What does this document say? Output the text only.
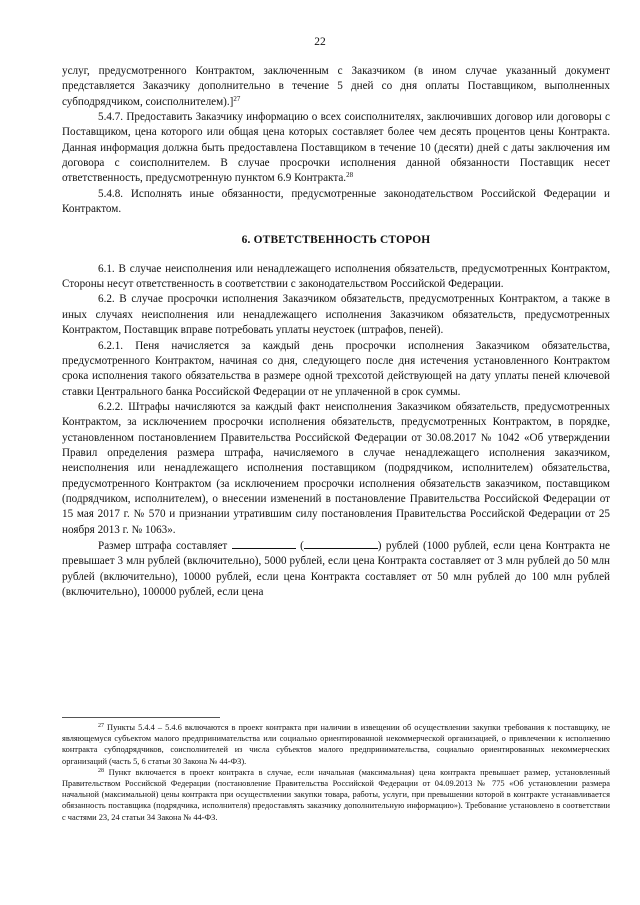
22

услуг, предусмотренного Контрактом, заключенным с Заказчиком (в ином случае указанный документ представляется Заказчику дополнительно в течение 5 дней со дня оплаты Поставщиком, выполненных субподрядчиком, соисполнителем).]$^{27}$

5.4.7. Предоставить Заказчику информацию о всех соисполнителях, заключивших договор или договоры с Поставщиком, цена которого или общая цена которых составляет более чем десять процентов цены Контракта. Данная информация должна быть предоставлена Поставщиком в течение 10 (десяти) дней с даты заключения им договора с соисполнителем. В случае просрочки исполнения данной обязанности Поставщик несет ответственность, предусмотренную пунктом 6.9 Контракта.$^{28}$

5.4.8. Исполнять иные обязанности, предусмотренные законодательством Российской Федерации и Контрактом.

6. ОТВЕТСТВЕННОСТЬ СТОРОН

6.1. В случае неисполнения или ненадлежащего исполнения обязательств, предусмотренных Контрактом, Стороны несут ответственность в соответствии с законодательством Российской Федерации.

6.2. В случае просрочки исполнения Заказчиком обязательств, предусмотренных Контрактом, а также в иных случаях неисполнения или ненадлежащего исполнения Заказчиком обязательств, предусмотренных Контрактом, Поставщик вправе потребовать уплаты неустоек (штрафов, пеней).

6.2.1. Пеня начисляется за каждый день просрочки исполнения Заказчиком обязательства, предусмотренного Контрактом, начиная со дня, следующего после дня истечения установленного Контрактом срока исполнения такого обязательства в размере одной трехсотой действующей на дату уплаты пеней ключевой ставки Центрального банка Российской Федерации от не уплаченной в срок суммы.

6.2.2. Штрафы начисляются за каждый факт неисполнения Заказчиком обязательств, предусмотренных Контрактом, за исключением просрочки исполнения обязательств, предусмотренных Контрактом, в порядке, установленном постановлением Правительства Российской Федерации от 30.08.2017 № 1042 «Об утверждении Правил определения размера штрафа, начисляемого в случае ненадлежащего исполнения заказчиком, неисполнения или ненадлежащего исполнения поставщиком (подрядчиком, исполнителем) обязательства, предусмотренного Контрактом (за исключением просрочки исполнения обязательств заказчиком, поставщиком (подрядчиком, исполнителем), о внесении изменений в постановление Правительства Российской Федерации от 15 мая 2017 г. № 570 и признании утратившим силу постановления Правительства Российской Федерации от 25 ноября 2013 г. № 1063».

Размер штрафа составляет	(	) рублей (1000 рублей, если цена Контракта не превышает 3 млн рублей (включительно), 5000 рублей, если цена Контракта составляет от 3 млн рублей до 50 млн рублей (включительно), 10000 рублей, если цена Контракта составляет от 50 млн рублей до 100 млн рублей (включительно), 100000 рублей, если цена

$^{27}$ Пункты 5.4.4 – 5.4.6 включаются в проект контракта при наличии в извещении об осуществлении закупки требования к поставщику, не являющемуся субъектом малого предпринимательства или социально ориентированной некоммерческой организацией, о привлечении к исполнению контракта субподрядчиков, соисполнителей из числа субъектов малого предпринимательства, социально ориентированных некоммерческих организаций (часть 5, 6 статьи 30 Закона № 44-ФЗ).

$^{28}$ Пункт включается в проект контракта в случае, если начальная (максимальная) цена контракта превышает размер, установленный Правительством Российской Федерации (постановление Правительства Российской Федерации от 04.09.2013 № 775 «Об установлении размера начальной (максимальной) цены контракта при осуществлении закупки товара, работы, услуги, при превышении которой в контракте устанавливается обязанность поставщика (подрядчика, исполнителя) предоставлять заказчику дополнительную информацию»). Требование установлено в соответствии с частями 23, 24 статьи 34 Закона № 44-ФЗ.
